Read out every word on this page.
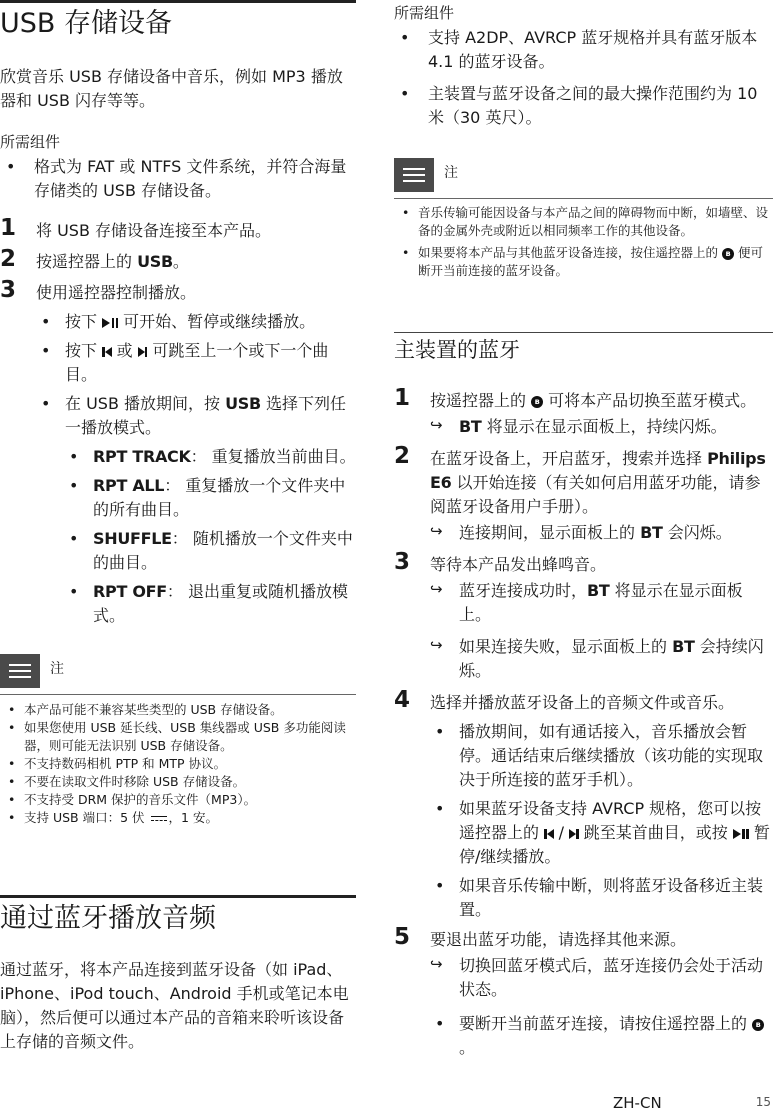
USB 存储设备

欣赏音乐 USB 存储设备中音乐，例如 MP3 播放器和 USB 闪存等等。

所需组件

• 格式为 FAT 或 NTFS 文件系统，并符合海量存储类的 USB 存储设备。
1 将 USB 存储设备连接至本产品。
2 按遥控器上的 USB。
3 使用遥控器控制播放。
• 按下  可开始、暂停或继续播放。
• 按下  或  可跳至上一个或下一个曲目。
• 在 USB 播放期间，按 USB 选择下列任一播放模式。
• RPT TRACK： 重复播放当前曲目。
• RPT ALL： 重复播放一个文件夹中的所有曲目。
• SHUFFLE： 随机播放一个文件夹中的曲目。
• RPT OFF： 退出重复或随机播放模式。
注
• 本产品可能不兼容某些类型的 USB 存储设备。
• 如果您使用 USB 延长线、USB 集线器或 USB 多功能阅读器，则可能无法识别 USB 存储设备。
• 不支持数码相机 PTP 和 MTP 协议。
• 不要在读取文件时移除 USB 存储设备。
• 不支持受 DRM 保护的音乐文件（MP3）。
• 支持 USB 端口：5 伏 ，1 安。
通过蓝牙播放音频

通过蓝牙，将本产品连接到蓝牙设备（如 iPad、iPhone、iPod touch、Android 手机或笔记本电脑），然后便可以通过本产品的音箱来聆听该设备上存储的音频文件。

所需组件

• 支持 A2DP、AVRCP 蓝牙规格并具有蓝牙版本 4.1 的蓝牙设备。
• 主装置与蓝牙设备之间的最大操作范围约为 10 米（30 英尺）。
注
• 音乐传输可能因设备与本产品之间的障碍物而中断，如墙壁、设备的金属外壳或附近以相同频率工作的其他设备。
• 如果要将本产品与其他蓝牙设备连接，按住遥控器上的 ʙ 便可断开当前连接的蓝牙设备。
主装置的蓝牙
1 按遥控器上的 ʙ 可将本产品切换至蓝牙模式。
↪ BT 将显示在显示面板上，持续闪烁。
2 在蓝牙设备上，开启蓝牙，搜索并选择 Philips E6 以开始连接（有关如何启用蓝牙功能，请参阅蓝牙设备用户手册）。
↪ 连接期间，显示面板上的 BT 会闪烁。
3 等待本产品发出蜂鸣音。
↪ 蓝牙连接成功时，BT 将显示在显示面板上。
↪ 如果连接失败，显示面板上的 BT 会持续闪烁。
4 选择并播放蓝牙设备上的音频文件或音乐。
• 播放期间，如有通话接入，音乐播放会暂停。通话结束后继续播放（该功能的实现取决于所连接的蓝牙手机）。
• 如果蓝牙设备支持 AVRCP 规格，您可以按遥控器上的  /  跳至某首曲目，或按  暂停/继续播放。
• 如果音乐传输中断，则将蓝牙设备移近主装置。
5 要退出蓝牙功能，请选择其他来源。
↪ 切换回蓝牙模式后，蓝牙连接仍会处于活动状态。
• 要断开当前蓝牙连接，请按住遥控器上的 ʙ 。
ZH-CN	15
